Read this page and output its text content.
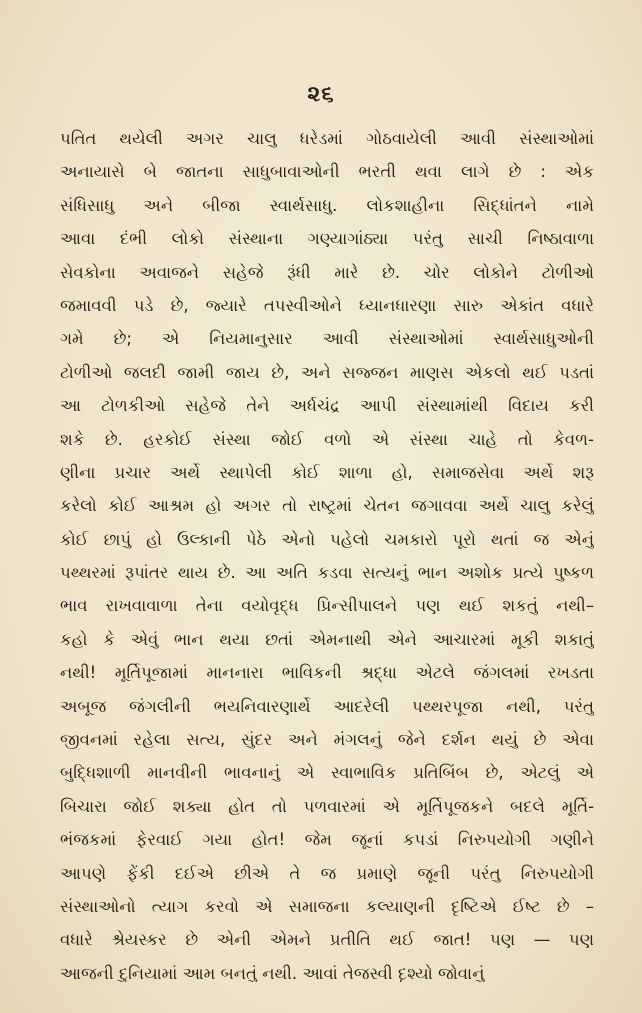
૨૬
પતિત થયેલી અગર ચાલુ ધરેડમાં ગોઠવાયેલી આવી સંસ્થાઓમાં
અનાયાસે બે જાતના સાધુબાવાઓની ભરતી થવા લાગે છે : એક
સંધિસાધુ અને બીજા સ્વાર્થસાધુ. લોકશાહીના સિદ્ધાંતને નામે
આવા દંભી લોકો સંસ્થાના ગણ્યાગાંઠ્યા પરંતુ સાચી નિષ્ઠાવાળા
સેવકોના અવાજને સહેજે રૂંધી મારે છે. ચોર લોકોને ટોળીઓ
જમાવવી પડે છે, જ્યારે તપસ્વીઓને ધ્યાનધારણા સારુ એકાંત વધારે
ગમે છે; એ નિયમાનુસાર આવી સંસ્થાઓમાં સ્વાર્થસાધુઓની
ટોળીઓ જલદી જામી જાય છે, અને સજ્જન માણસ એકલો થઈ પડતાં
આ ટોળકીઓ સહેજે તેને અર્ધચંદ્ર આપી સંસ્થામાંથી વિદાય કરી
શકે છે. હરકોઈ સંસ્થા જોઈ વળો એ સંસ્થા ચાહે તો કેવળ-
ણીના પ્રચાર અર્થે સ્થાપેલી કોઈ શાળા હો, સમાજસેવા અર્થે શરૂ
કરેલો કોઈ આશ્રમ હો અગર તો રાષ્ટ્રમાં ચેતન જગાવવા અર્થે ચાલુ કરેલું
કોઈ છાપું હો ઉલ્કાની પેઠે એનો પહેલો ચમકારો પૂરો થતાં જ એનું
પથ્થરમાં રૂપાંતર થાય છે. આ અતિ કડવા સત્યનું ભાન અશોક પ્રત્યે પુષ્કળ
ભાવ રાખવાવાળા તેના વયોવૃદ્ધ પ્રિન્સીપાલને પણ થઈ શકતું નથી–
કહો કે એવું ભાન થયા છતાં એમનાથી એને આચારમાં મૂકી શકાતું
નથી! મૂર્તિપૂજામાં માનનારા ભાવિકની શ્રદ્ધા એટલે જંગલમાં રખડતા
અબૂજ જંગલીની ભયનિવારણાર્થે આદરેલી પથ્થરપૂજા નથી, પરંતુ
જીવનમાં રહેલા સત્ય, સુંદર અને મંગલનું જેને દર્શન થયું છે એવા
બુદ્ધિશાળી માનવીની ભાવનાનું એ સ્વાભાવિક પ્રતિબિંબ છે, એટલું એ
બિચારા જોઈ શક્યા હોત તો પળવારમાં એ મૂર્તિપૂજકને બદલે મૂર્તિ-
ભંજકમાં ફેરવાઈ ગયા હોત! જેમ જૂનાં કપડાં નિરુપયોગી ગણીને
આપણે ફેંકી દઈએ છીએ તે જ પ્રમાણે જૂની પરંતુ નિરુપયોગી
સંસ્થાઓનો ત્યાગ કરવો એ સમાજના કલ્યાણની દૃષ્ટિએ ઈષ્ટ છે –
વધારે શ્રેયસ્કર છે એની એમને પ્રતીતિ થઈ જાત! પણ — પણ
આજની દુનિયામાં આમ બનતું નથી. આવાં તેજસ્વી દૃશ્યો જોવાનું
